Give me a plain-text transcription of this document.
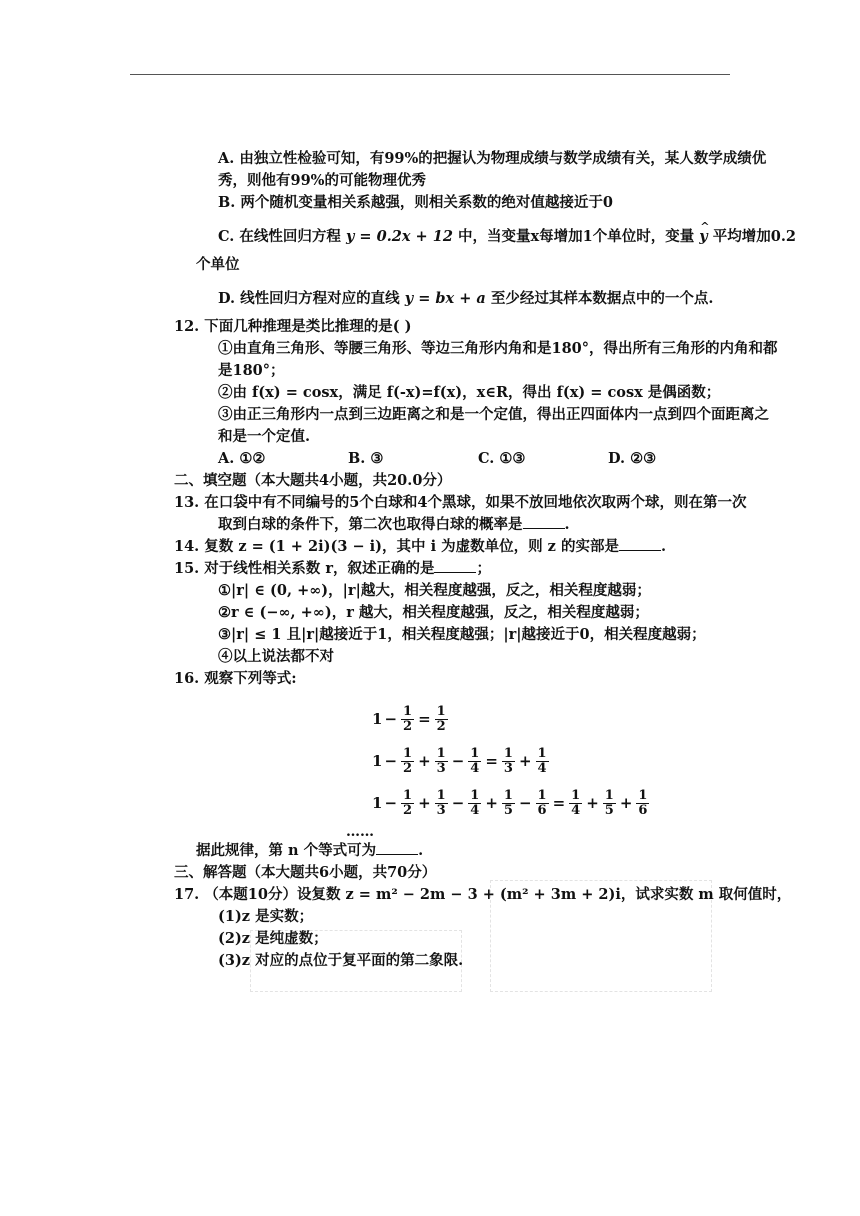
A. 由独立性检验可知，有99%的把握认为物理成绩与数学成绩有关，某人数学成绩优
秀，则他有99%的可能物理优秀
B. 两个随机变量相关系越强，则相关系数的绝对值越接近于0
C. 在线性回归方程 y = 0.2x + 12 中，当变量x每增加1个单位时，变量 ^ y 平均增加0.2
个单位
D. 线性回归方程对应的直线 y = bx + a 至少经过其样本数据点中的一个点.
12. 下面几种推理是类比推理的是( )
①由直角三角形、等腰三角形、等边三角形内角和是180°，得出所有三角形的内角和都
是180°；
②由 f(x) = cosx，满足 f(-x)=f(x)，x∈R，得出 f(x) = cosx 是偶函数；
③由正三角形内一点到三边距离之和是一个定值，得出正四面体内一点到四个面距离之
和是一个定值.
A. ①②	B. ③	C. ①③	D. ②③
二、填空题（本大题共4小题，共20.0分）
13. 在口袋中有不同编号的5个白球和4个黑球，如果不放回地依次取两个球，则在第一次
取到白球的条件下，第二次也取得白球的概率是	.
14. 复数 z = (1 + 2i)(3 − i)，其中 i 为虚数单位，则 z 的实部是	.
15. 对于线性相关系数 r，叙述正确的是	；
①|r| ∈ (0, +∞)，|r|越大，相关程度越强，反之，相关程度越弱；
②r ∈ (−∞, +∞)，r 越大，相关程度越强，反之，相关程度越弱；
③|r| ≤ 1 且|r|越接近于1，相关程度越强；|r|越接近于0，相关程度越弱；
④以上说法都不对
16. 观察下列等式:
$1 - \frac{1}{2} = \frac{1}{2}$
$1 - \frac{1}{2} + \frac{1}{3} - \frac{1}{4} = \frac{1}{3} + \frac{1}{4}$
$1 - \frac{1}{2} + \frac{1}{3} - \frac{1}{4} + \frac{1}{5} - \frac{1}{6} = \frac{1}{4} + \frac{1}{5} + \frac{1}{6}$
……
据此规律，第 n 个等式可为	.
三、解答题（本大题共6小题，共70分）
17. （本题10分）设复数 z = m² − 2m − 3 + (m² + 3m + 2)i，试求实数 m 取何值时，
(1)z 是实数；
(2)z 是纯虚数；
(3)z 对应的点位于复平面的第二象限.
